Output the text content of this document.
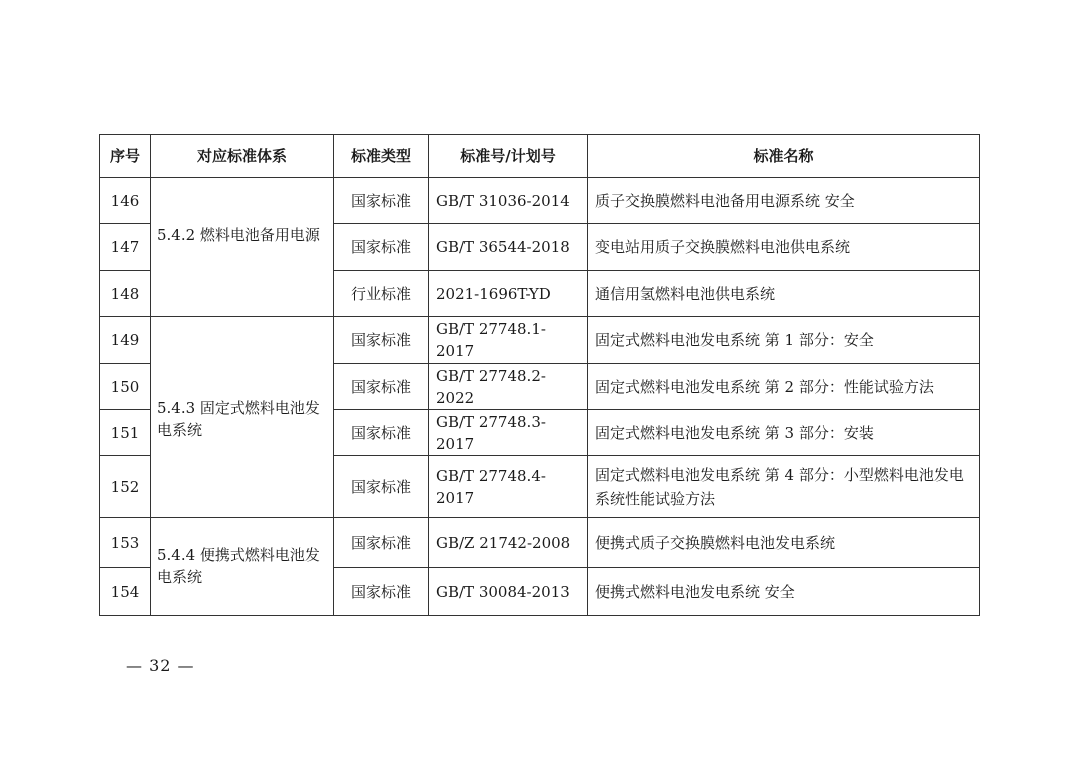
序号	对应标准体系	标准类型	标准号/计划号	标准名称
146	5.4.2 燃料电池备用电源	国家标准	GB/T 31036-2014	质子交换膜燃料电池备用电源系统 安全
147		国家标准	GB/T 36544-2018	变电站用质子交换膜燃料电池供电系统
148		行业标准	2021-1696T-YD	通信用氢燃料电池供电系统
149	5.4.3 固定式燃料电池发电系统	国家标准	GB/T 27748.1-2017	固定式燃料电池发电系统 第 1 部分：安全
150		国家标准	GB/T 27748.2-2022	固定式燃料电池发电系统 第 2 部分：性能试验方法
151		国家标准	GB/T 27748.3-2017	固定式燃料电池发电系统 第 3 部分：安装
152		国家标准	GB/T 27748.4-2017	固定式燃料电池发电系统 第 4 部分：小型燃料电池发电系统性能试验方法
153	5.4.4 便携式燃料电池发电系统	国家标准	GB/Z 21742-2008	便携式质子交换膜燃料电池发电系统
154		国家标准	GB/T 30084-2013	便携式燃料电池发电系统 安全
— 32 —
